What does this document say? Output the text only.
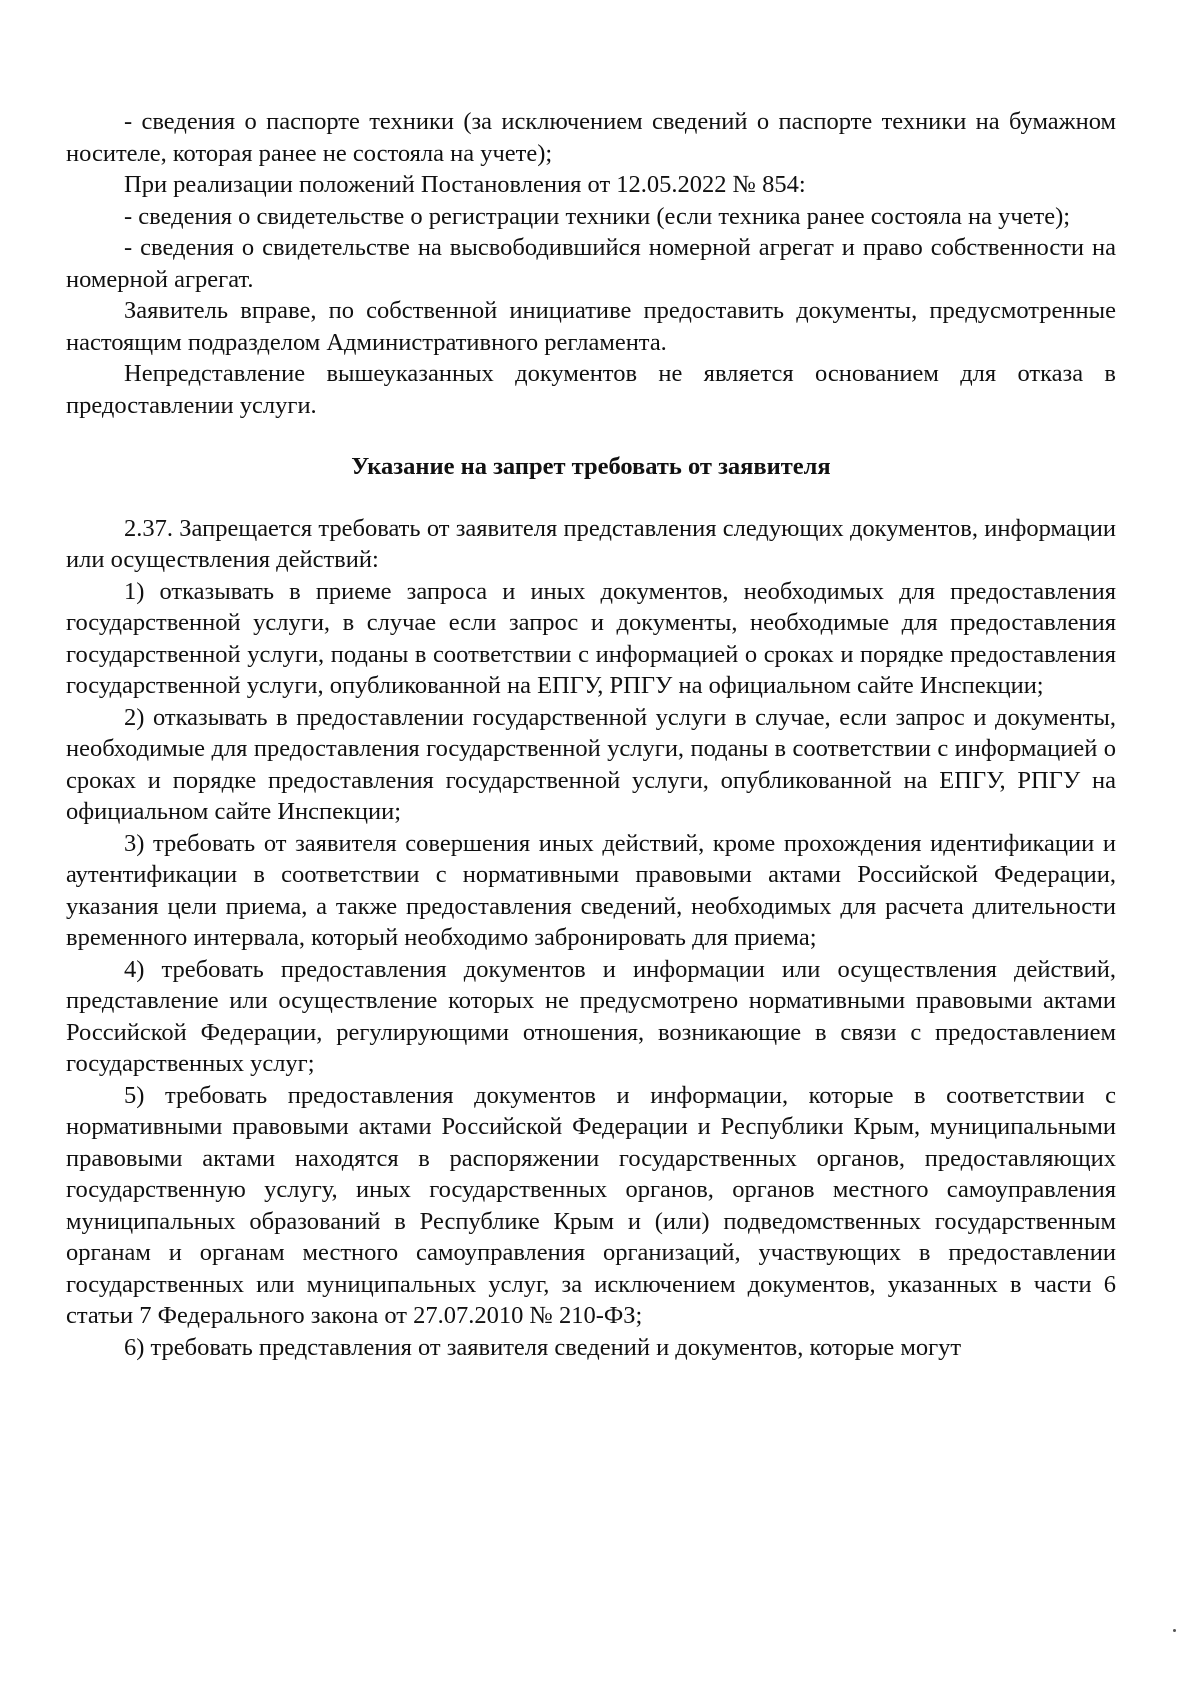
- сведения о паспорте техники (за исключением сведений о паспорте техники на бумажном носителе, которая ранее не состояла на учете);

При реализации положений Постановления от 12.05.2022 № 854:

- сведения о свидетельстве о регистрации техники (если техника ранее состояла на учете);

- сведения о свидетельстве на высвободившийся номерной агрегат и право собственности на номерной агрегат.

Заявитель вправе, по собственной инициативе предоставить документы, предусмотренные настоящим подразделом Административного регламента.

Непредставление вышеуказанных документов не является основанием для отказа в предоставлении услуги.

Указание на запрет требовать от заявителя

2.37. Запрещается требовать от заявителя представления следующих документов, информации или осуществления действий:

1) отказывать в приеме запроса и иных документов, необходимых для предоставления государственной услуги, в случае если запрос и документы, необходимые для предоставления государственной услуги, поданы в соответствии с информацией о сроках и порядке предоставления государственной услуги, опубликованной на ЕПГУ, РПГУ на официальном сайте Инспекции;

2) отказывать в предоставлении государственной услуги в случае, если запрос и документы, необходимые для предоставления государственной услуги, поданы в соответствии с информацией о сроках и порядке предоставления государственной услуги, опубликованной на ЕПГУ, РПГУ на официальном сайте Инспекции;

3) требовать от заявителя совершения иных действий, кроме прохождения идентификации и аутентификации в соответствии с нормативными правовыми актами Российской Федерации, указания цели приема, а также предоставления сведений, необходимых для расчета длительности временного интервала, который необходимо забронировать для приема;

4) требовать предоставления документов и информации или осуществления действий, представление или осуществление которых не предусмотрено нормативными правовыми актами Российской Федерации, регулирующими отношения, возникающие в связи с предоставлением государственных услуг;

5) требовать предоставления документов и информации, которые в соответствии с нормативными правовыми актами Российской Федерации и Республики Крым, муниципальными правовыми актами находятся в распоряжении государственных органов, предоставляющих государственную услугу, иных государственных органов, органов местного самоуправления муниципальных образований в Республике Крым и (или) подведомственных государственным органам и органам местного самоуправления организаций, участвующих в предоставлении государственных или муниципальных услуг, за исключением документов, указанных в части 6 статьи 7 Федерального закона от 27.07.2010 № 210-ФЗ;

6) требовать представления от заявителя сведений и документов, которые могут
